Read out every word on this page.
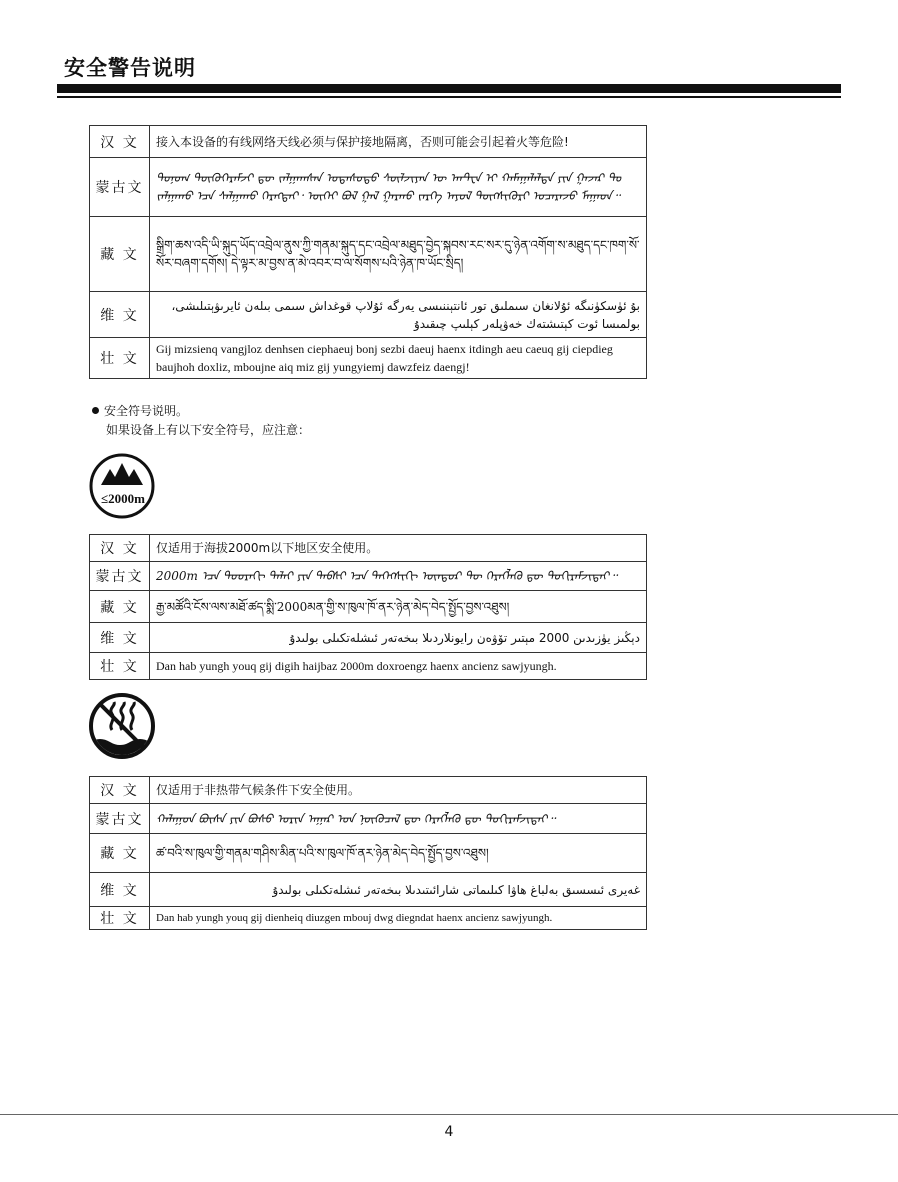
安全警告说明
汉 文	接入本设备的有线网络天线必须与保护接地隔离，否则可能会引起着火等危险!
蒙古文	ᠲᠣᠨᠣᠭ ᠲᠥᠬᠥᠭᠡᠷᠡᠮᠵᠢ ᠳᠦ ᠵᠠᠯᠭᠠᠭᠰᠠᠨ ᠤᠲᠠᠰᠤᠲᠤ ᠰᠦᠯᠵᠢᠶᠡᠨ ᠦ ᠠᠨᠲ᠋ᠧᠨ ᠢ ᠬᠠᠮᠠᠭᠠᠯᠠᠯᠲᠠ ᠶᠢᠨ ᠭᠠᠵᠠᠷ ᠲᠤ ᠵᠠᠯᠭᠠᠬᠤ ᠡᠴᠡ ᠰᠠᠯᠭᠠᠬᠤ ᠬᠡᠷᠡᠭᠲᠡᠢ᠂ ᠦᠭᠡᠢ ᠪᠣᠯ ᠭᠠᠯ ᠭᠠᠷᠬᠤ ᠵᠡᠷᠭᠡ ᠠᠶᠤᠯ ᠲᠦᠭᠰᠢᠭᠦᠷᠢ ᠤᠴᠠᠷᠠᠵᠤ ᠮᠠᠭᠠᠳ᠃
藏 文	སྒྲིག་ཆས་འདི་ཡི་སྐུད་ཡོད་འབྲེལ་ནུས་ཀྱི་གནམ་སྐུད་དང་འབྲེལ་མཐུད་བྱེད་སྐབས་རང་སར་དུ་ཉེན་འགོག་ས་མཐུད་དང་ཁག་སོ་སོར་བཞག་དགོས། དེ་ལྟར་མ་བྱས་ན་མེ་འབར་བ་ལ་སོགས་པའི་ཉེན་ཁ་ཡོང་སྲིད།
维 文	بۇ ئۈسكۈنىگە ئۇلانغان سىملىق تور ئانتېننىسى يەرگە ئۇلاپ قوغداش سىمى بىلەن ئايرىۋېتىلىشى، بولمىسا ئوت كېتىشتەك خەۋپلەر كېلىپ چىقىدۇ
壮 文	Gij mizsienq vangjloz denhsen ciephaeuj bonj sezbi daeuj haenx itdingh aeu caeuq gij ciepdieg baujhoh doxliz, mboujne aiq miz gij yungyiemj dawzfeiz daengj!
安全符号说明。
如果设备上有以下安全符号，应注意：
≤2000m
汉 文	仅适用于海拔2000m以下地区安全使用。
蒙古文	2000m ᠡᠴᠡ ᠳᠣᠣᠷᠠᠬᠢ ᠳᠠᠯᠠᠢ ᠶᠢᠨ ᠲᠡᠪᠰᠢ ᠡᠴᠡ ᠳᠡᠭᠡᠭᠰᠢᠬᠢ ᠥᠨᠳᠥᠷ ᠲᠦ ᠬᠡᠷᠡᠭᠯᠡᠬᠦ ᠳᠦ ᠲᠣᠬᠢᠷᠠᠮᠵᠢᠲᠠᠢ᠃
藏 文	རྒྱ་མཚོའི་ངོས་ལས་མཐོ་ཚད་སྨི་2000མན་གྱི་ས་ཁུལ་ཁོ་ནར་ཉེན་མེད་བེད་སྤྱོད་བྱས་འཐུས།
维 文	دېڭىز يۈزىدىن 2000 مېتىر تۆۋەن رايونلاردىلا بىخەتەر ئىشلەتكىلى بولىدۇ
壮 文	Dan hab yungh youq gij digih haijbaz 2000m doxroengz haenx ancienz sawjyungh.
汉 文	仅适用于非热带气候条件下安全使用。
蒙古文	ᠬᠠᠯᠠᠭᠤᠨ ᠪᠦᠰᠡ ᠶᠢᠨ ᠪᠤᠰᠤ ᠤᠷᠢᠨ ᠠᠭᠠᠷ ᠤᠨ ᠨᠥᠬᠥᠴᠡᠯ ᠳᠦ ᠬᠡᠷᠡᠭᠯᠡᠬᠦ ᠳᠦ ᠲᠣᠬᠢᠷᠠᠮᠵᠢᠲᠠᠢ᠃
藏 文	ཚ་བའི་ས་ཁུལ་གྱི་གནམ་གཤིས་མིན་པའི་ས་ཁུལ་ཁོ་ནར་ཉེན་མེད་བེད་སྤྱོད་བྱས་འཐུས།
维 文	غەيرى ئىسسىق بەلباغ ھاۋا كىلىماتى شارائىتىدىلا بىخەتەر ئىشلەتكىلى بولىدۇ
壮 文	Dan hab yungh youq gij dienheiq diuzgen mbouj dwg diegndat haenx ancienz sawjyungh.
4
